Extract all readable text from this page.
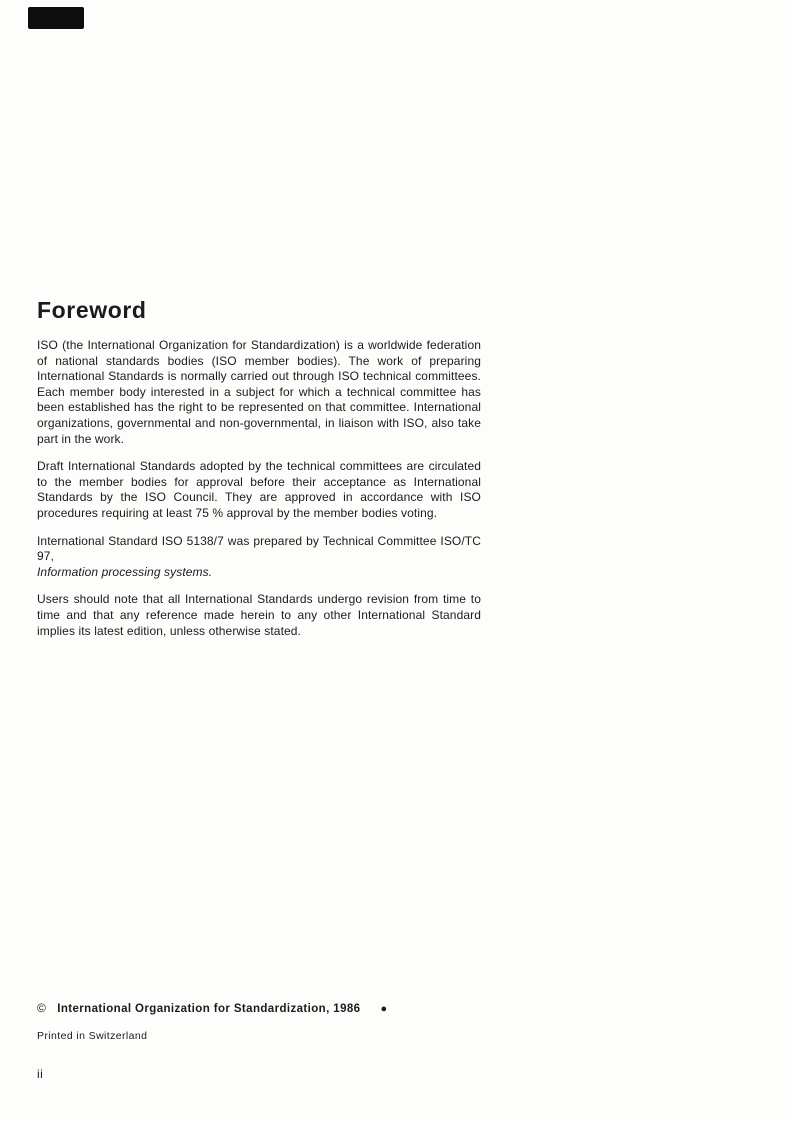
Foreword

ISO (the International Organization for Standardization) is a worldwide federation of national standards bodies (ISO member bodies). The work of preparing International Standards is normally carried out through ISO technical committees. Each member body interested in a subject for which a technical committee has been established has the right to be represented on that committee. International organizations, governmental and non-governmental, in liaison with ISO, also take part in the work.

Draft International Standards adopted by the technical committees are circulated to the member bodies for approval before their acceptance as International Standards by the ISO Council. They are approved in accordance with ISO procedures requiring at least 75 % approval by the member bodies voting.

International Standard ISO 5138/7 was prepared by Technical Committee ISO/TC 97,
Information processing systems.

Users should note that all International Standards undergo revision from time to time and that any reference made herein to any other International Standard implies its latest edition, unless otherwise stated.

© International Organization for Standardization, 1986 ●
Printed in Switzerland
ii
